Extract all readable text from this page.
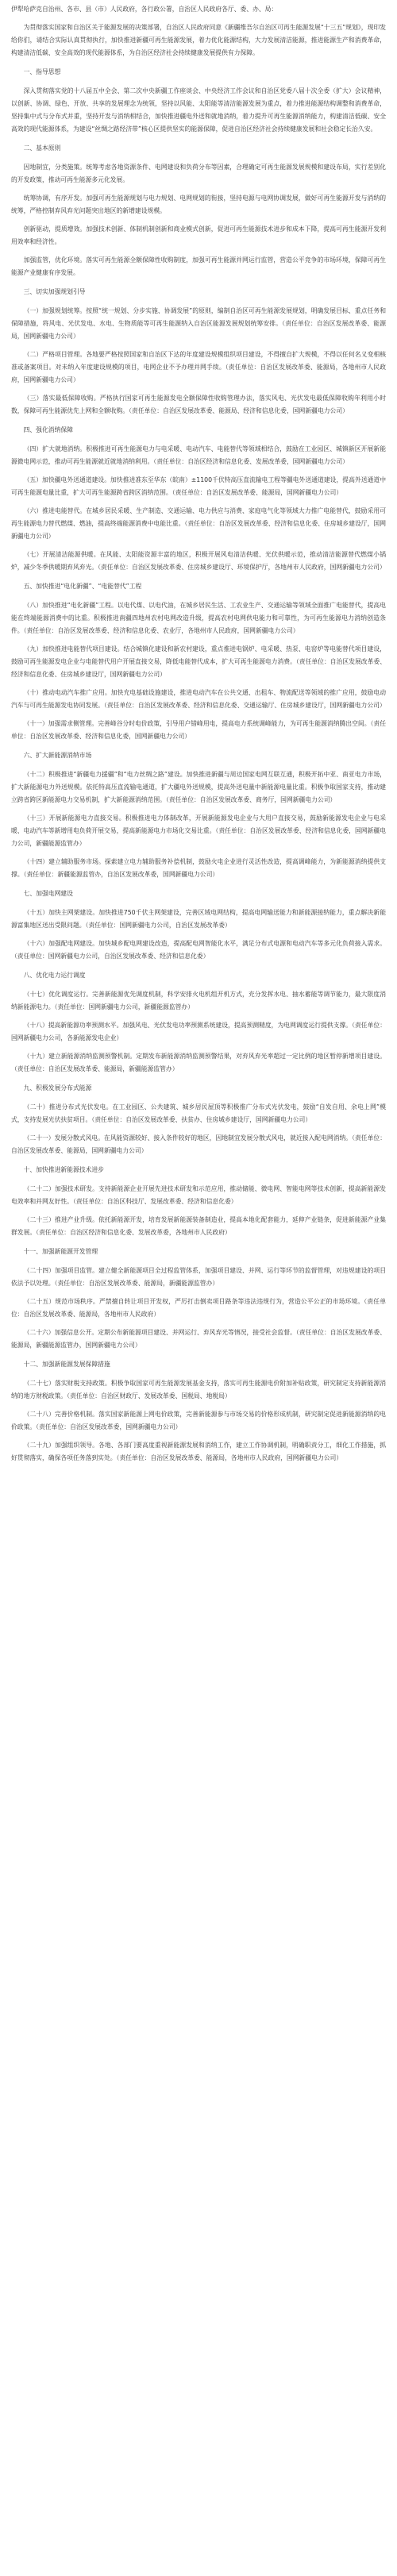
伊犁哈萨克自治州、各市、县（市）人民政府，各行政公署，自治区人民政府各厅、委、办、局：

为贯彻落实国家和自治区关于能源发展的决策部署，自治区人民政府同意《新疆维吾尔自治区可再生能源发展“十三五”规划》，现印发给你们，请结合实际认真贯彻执行，加快推进新疆可再生能源发展，着力优化能源结构，大力发展清洁能源，推进能源生产和消费革命，构建清洁低碳、安全高效的现代能源体系，为自治区经济社会持续健康发展提供有力保障。

一、指导思想

深入贯彻落实党的十八届五中全会、第二次中央新疆工作座谈会、中央经济工作会议和自治区党委八届十次全委（扩大）会议精神，以创新、协调、绿色、开放、共享的发展理念为统领，坚持以风能、太阳能等清洁能源发展为重点，着力推进能源结构调整和消费革命，坚持集中式与分布式并重，坚持开发与消纳相结合，加快推进疆电外送和就地消纳，着力提升可再生能源消纳能力，构建清洁低碳、安全高效的现代能源体系，为建设“丝绸之路经济带”核心区提供坚实的能源保障，促进自治区经济社会持续健康发展和社会稳定长治久安。

二、基本原则

因地制宜，分类施策。统筹考虑各地资源条件、电网建设和负荷分布等因素，合理确定可再生能源发展规模和建设布局，实行差别化的开发政策，推动可再生能源多元化发展。

统筹协调，有序开发。加强可再生能源规划与电力规划、电网规划的衔接，坚持电源与电网协调发展，做好可再生能源开发与消纳的统筹，严格控制弃风弃光问题突出地区的新增建设规模。

创新驱动，提质增效。加强技术创新、体制机制创新和商业模式创新，促进可再生能源技术进步和成本下降，提高可再生能源开发利用效率和经济性。

加强监管，优化环境。落实可再生能源全额保障性收购制度，加强可再生能源并网运行监管，营造公平竞争的市场环境，保障可再生能源产业健康有序发展。

三、切实加强规划引导

（一）加强规划统筹。按照“统一规划、分步实施、协调发展”的原则，编制自治区可再生能源发展规划，明确发展目标、重点任务和保障措施，将风电、光伏发电、水电、生物质能等可再生能源纳入自治区能源发展规划统筹安排。（责任单位：自治区发展改革委、能源局，国网新疆电力公司）

（二）严格项目管理。各地要严格按照国家和自治区下达的年度建设规模组织项目建设，不得擅自扩大规模，不得以任何名义变相核准或备案项目。对未纳入年度建设规模的项目，电网企业不予办理并网手续。（责任单位：自治区发展改革委、能源局，各地州市人民政府，国网新疆电力公司）

（三）落实最低保障收购。严格执行国家可再生能源发电全额保障性收购管理办法，落实风电、光伏发电最低保障收购年利用小时数，保障可再生能源优先上网和全额收购。（责任单位：自治区发展改革委、能源局、经济和信息化委，国网新疆电力公司）

四、强化消纳保障

（四）扩大就地消纳。积极推进可再生能源电力与电采暖、电动汽车、电能替代等领域相结合，鼓励在工业园区、城镇新区开展新能源微电网示范，推动可再生能源就近就地消纳利用。（责任单位：自治区经济和信息化委、发展改革委，国网新疆电力公司）

（五）加快疆电外送通道建设。加快推进准东至华东（皖南）±1100千伏特高压直流输电工程等疆电外送通道建设，提高外送通道中可再生能源电量比重，扩大可再生能源跨省跨区消纳范围。（责任单位：自治区发展改革委、能源局，国网新疆电力公司）

（六）推进电能替代。在城乡居民采暖、生产制造、交通运输、电力供应与消费、家庭电气化等领域大力推广电能替代，鼓励采用可再生能源电力替代燃煤、燃油，提高终端能源消费中电能比重。（责任单位：自治区发展改革委、经济和信息化委、住房城乡建设厅，国网新疆电力公司）

（七）开展清洁能源供暖。在风能、太阳能资源丰富的地区，积极开展风电清洁供暖、光伏供暖示范，推动清洁能源替代燃煤小锅炉，减少冬季供暖期弃风弃光。（责任单位：自治区发展改革委、住房城乡建设厅、环境保护厅，各地州市人民政府，国网新疆电力公司）

五、加快推进“电化新疆”、“电能替代”工程

（八）加快推进“电化新疆”工程。以电代煤、以电代油，在城乡居民生活、工农业生产、交通运输等领域全面推广电能替代，提高电能在终端能源消费中的比重。积极推进南疆四地州农村电网改造升级，提高农村电网供电能力和可靠性，为可再生能源电力消纳创造条件。（责任单位：自治区发展改革委、经济和信息化委、农业厅，各地州市人民政府，国网新疆电力公司）

（九）加快推进电能替代项目建设。结合城镇化建设和新农村建设，重点推进电锅炉、电采暖、热泵、电窑炉等电能替代项目建设，鼓励可再生能源发电企业与电能替代用户开展直接交易，降低电能替代成本，扩大可再生能源电力消费。（责任单位：自治区发展改革委、经济和信息化委、住房城乡建设厅，国网新疆电力公司）

（十）推动电动汽车推广应用。加快充电基础设施建设，推进电动汽车在公共交通、出租车、物流配送等领域的推广应用，鼓励电动汽车与可再生能源发电协同发展。（责任单位：自治区发展改革委、经济和信息化委、交通运输厅、住房城乡建设厅，国网新疆电力公司）

（十一）加强需求侧管理。完善峰谷分时电价政策，引导用户错峰用电，提高电力系统调峰能力，为可再生能源消纳腾出空间。（责任单位：自治区发展改革委、经济和信息化委，国网新疆电力公司）

六、扩大新能源消纳市场

（十二）积极推进“新疆电力援疆”和“电力丝绸之路”建设。加快推进新疆与周边国家电网互联互通，积极开拓中亚、南亚电力市场，扩大新能源电力外送规模。依托特高压直流输电通道，扩大疆电外送规模，提高外送电量中新能源电量比重。积极争取国家支持，推动建立跨省跨区新能源电力交易机制，扩大新能源消纳范围。（责任单位：自治区发展改革委、商务厅，国网新疆电力公司）

（十三）开展新能源电力直接交易。积极推进电力体制改革，开展新能源发电企业与大用户直接交易，鼓励新能源发电企业与电采暖、电动汽车等新增用电负荷开展交易，提高新能源电力市场化交易比重。（责任单位：自治区发展改革委、经济和信息化委，国网新疆电力公司，新疆能源监管办）

（十四）建立辅助服务市场。探索建立电力辅助服务补偿机制，鼓励火电企业进行灵活性改造，提高调峰能力，为新能源消纳提供支撑。（责任单位：新疆能源监管办，自治区发展改革委，国网新疆电力公司）

七、加强电网建设

（十五）加快主网架建设。加快推进750千伏主网架建设，完善区域电网结构，提高电网输送能力和新能源接纳能力，重点解决新能源富集地区送出受限问题。（责任单位：国网新疆电力公司，自治区发展改革委）

（十六）加强配电网建设。加快城乡配电网建设改造，提高配电网智能化水平，满足分布式电源和电动汽车等多元化负荷接入需求。（责任单位：国网新疆电力公司，自治区发展改革委、经济和信息化委）

八、优化电力运行调度

（十七）优化调度运行。完善新能源优先调度机制，科学安排火电机组开机方式，充分发挥水电、抽水蓄能等调节能力，最大限度消纳新能源电力。（责任单位：国网新疆电力公司，新疆能源监管办）

（十八）提高新能源功率预测水平。加强风电、光伏发电功率预测系统建设，提高预测精度，为电网调度运行提供支撑。（责任单位：国网新疆电力公司，各新能源发电企业）

（十九）建立新能源消纳监测预警机制。定期发布新能源消纳监测预警结果，对弃风弃光率超过一定比例的地区暂停新增项目建设。（责任单位：自治区发展改革委、能源局，新疆能源监管办）

九、积极发展分布式能源

（二十）推进分布式光伏发电。在工业园区、公共建筑、城乡居民屋顶等积极推广分布式光伏发电，鼓励“自发自用、余电上网”模式，支持发展光伏扶贫项目。（责任单位：自治区发展改革委、扶贫办、住房城乡建设厅，国网新疆电力公司）

（二十一）发展分散式风电。在风能资源较好、接入条件较好的地区，因地制宜发展分散式风电，就近接入配电网消纳。（责任单位：自治区发展改革委、能源局，国网新疆电力公司）

十、加快推进新能源技术进步

（二十二）加强技术研发。支持新能源企业开展先进技术研发和示范应用，推动储能、微电网、智能电网等技术创新，提高新能源发电效率和并网友好性。（责任单位：自治区科技厅、发展改革委、经济和信息化委）

（二十三）推进产业升级。依托新能源开发，培育发展新能源装备制造业，提高本地化配套能力，延伸产业链条，促进新能源产业集群发展。（责任单位：自治区经济和信息化委、发展改革委，各地州市人民政府）

十一、加强新能源开发管理

（二十四）加强项目监管。建立健全新能源项目全过程监管体系，加强项目建设、并网、运行等环节的监督管理，对违规建设的项目依法予以处理。（责任单位：自治区发展改革委、能源局，新疆能源监管办）

（二十五）规范市场秩序。严禁擅自转让项目开发权，严厉打击倒卖项目路条等违法违规行为，营造公平公正的市场环境。（责任单位：自治区发展改革委、能源局，各地州市人民政府）

（二十六）加强信息公开。定期公布新能源项目建设、并网运行、弃风弃光等情况，接受社会监督。（责任单位：自治区发展改革委、能源局，新疆能源监管办，国网新疆电力公司）

十二、加强新能源发展保障措施

（二十七）落实财税支持政策。积极争取国家可再生能源发展基金支持，落实可再生能源电价附加补贴政策，研究制定支持新能源消纳的地方财税政策。（责任单位：自治区财政厅、发展改革委、国税局、地税局）

（二十八）完善价格机制。落实国家新能源上网电价政策，完善新能源参与市场交易的价格形成机制，研究制定促进新能源消纳的电价政策。（责任单位：自治区发展改革委，国网新疆电力公司）

（二十九）加强组织领导。各地、各部门要高度重视新能源发展和消纳工作，建立工作协调机制，明确职责分工，细化工作措施，抓好贯彻落实，确保各项任务落到实处。（责任单位：自治区发展改革委、能源局，各地州市人民政府，国网新疆电力公司）
